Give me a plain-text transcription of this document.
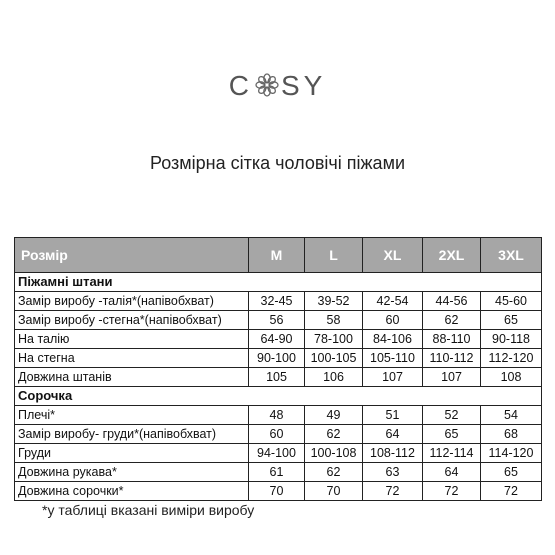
C SY
Розмірна сітка чоловічі піжами
Розмір	M	L	XL	2XL	3XL
Піжамні штани					
Замір виробу -талія*(напівобхват)	32-45	39-52	42-54	44-56	45-60
Замір виробу -стегна*(напівобхват)	56	58	60	62	65
На талію	64-90	78-100	84-106	88-110	90-118
На стегна	90-100	100-105	105-110	110-112	112-120
Довжина штанів	105	106	107	107	108
Сорочка					
Плечі*	48	49	51	52	54
Замір виробу- груди*(напівобхват)	60	62	64	65	68
Груди	94-100	100-108	108-112	112-114	114-120
Довжина рукава*	61	62	63	64	65
Довжина сорочки*	70	70	72	72	72
*у таблиці вказані виміри виробу
